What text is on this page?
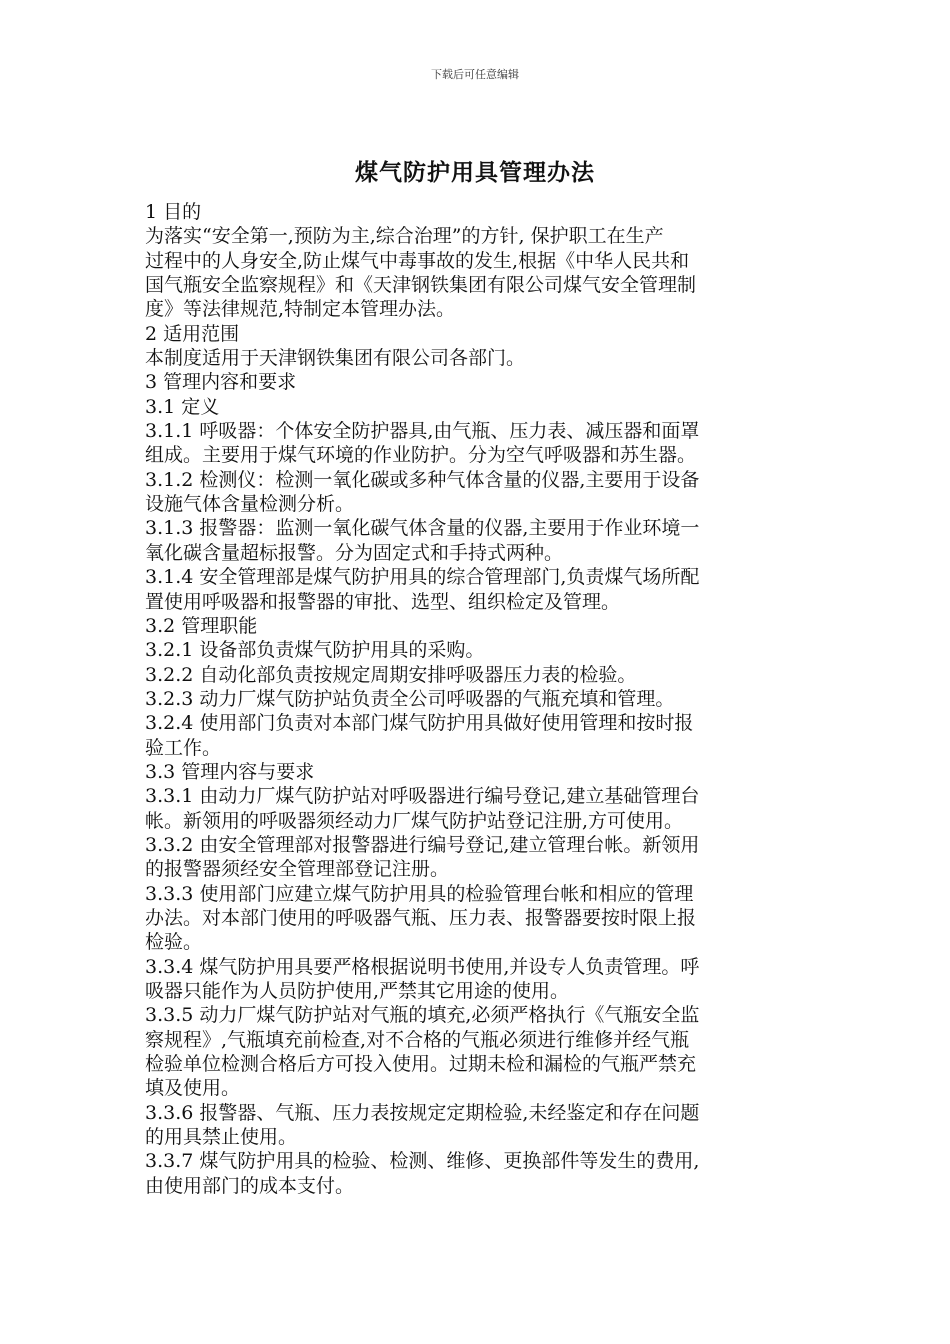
下载后可任意编辑
煤气防护用具管理办法
1 目的
为落实“安全第一,预防为主,综合治理”的方针, 保护职工在生产
过程中的人身安全,防止煤气中毒事故的发生,根据《中华人民共和
国气瓶安全监察规程》和《天津钢铁集团有限公司煤气安全管理制
度》等法律规范,特制定本管理办法。
2 适用范围
本制度适用于天津钢铁集团有限公司各部门。
3 管理内容和要求
3.1 定义
3.1.1 呼吸器：个体安全防护器具,由气瓶、压力表、减压器和面罩
组成。主要用于煤气环境的作业防护。分为空气呼吸器和苏生器。
3.1.2 检测仪：检测一氧化碳或多种气体含量的仪器,主要用于设备
设施气体含量检测分析。
3.1.3 报警器：监测一氧化碳气体含量的仪器,主要用于作业环境一
氧化碳含量超标报警。分为固定式和手持式两种。
3.1.4 安全管理部是煤气防护用具的综合管理部门,负责煤气场所配
置使用呼吸器和报警器的审批、选型、组织检定及管理。
3.2 管理职能
3.2.1 设备部负责煤气防护用具的采购。
3.2.2 自动化部负责按规定周期安排呼吸器压力表的检验。
3.2.3 动力厂煤气防护站负责全公司呼吸器的气瓶充填和管理。
3.2.4 使用部门负责对本部门煤气防护用具做好使用管理和按时报
验工作。
3.3 管理内容与要求
3.3.1 由动力厂煤气防护站对呼吸器进行编号登记,建立基础管理台
帐。新领用的呼吸器须经动力厂煤气防护站登记注册,方可使用。
3.3.2 由安全管理部对报警器进行编号登记,建立管理台帐。新领用
的报警器须经安全管理部登记注册。
3.3.3 使用部门应建立煤气防护用具的检验管理台帐和相应的管理
办法。对本部门使用的呼吸器气瓶、压力表、报警器要按时限上报
检验。
3.3.4 煤气防护用具要严格根据说明书使用,并设专人负责管理。呼
吸器只能作为人员防护使用,严禁其它用途的使用。
3.3.5 动力厂煤气防护站对气瓶的填充,必须严格执行《气瓶安全监
察规程》,气瓶填充前检查,对不合格的气瓶必须进行维修并经气瓶
检验单位检测合格后方可投入使用。过期未检和漏检的气瓶严禁充
填及使用。
3.3.6 报警器、气瓶、压力表按规定定期检验,未经鉴定和存在问题
的用具禁止使用。
3.3.7 煤气防护用具的检验、检测、维修、更换部件等发生的费用,
由使用部门的成本支付。
